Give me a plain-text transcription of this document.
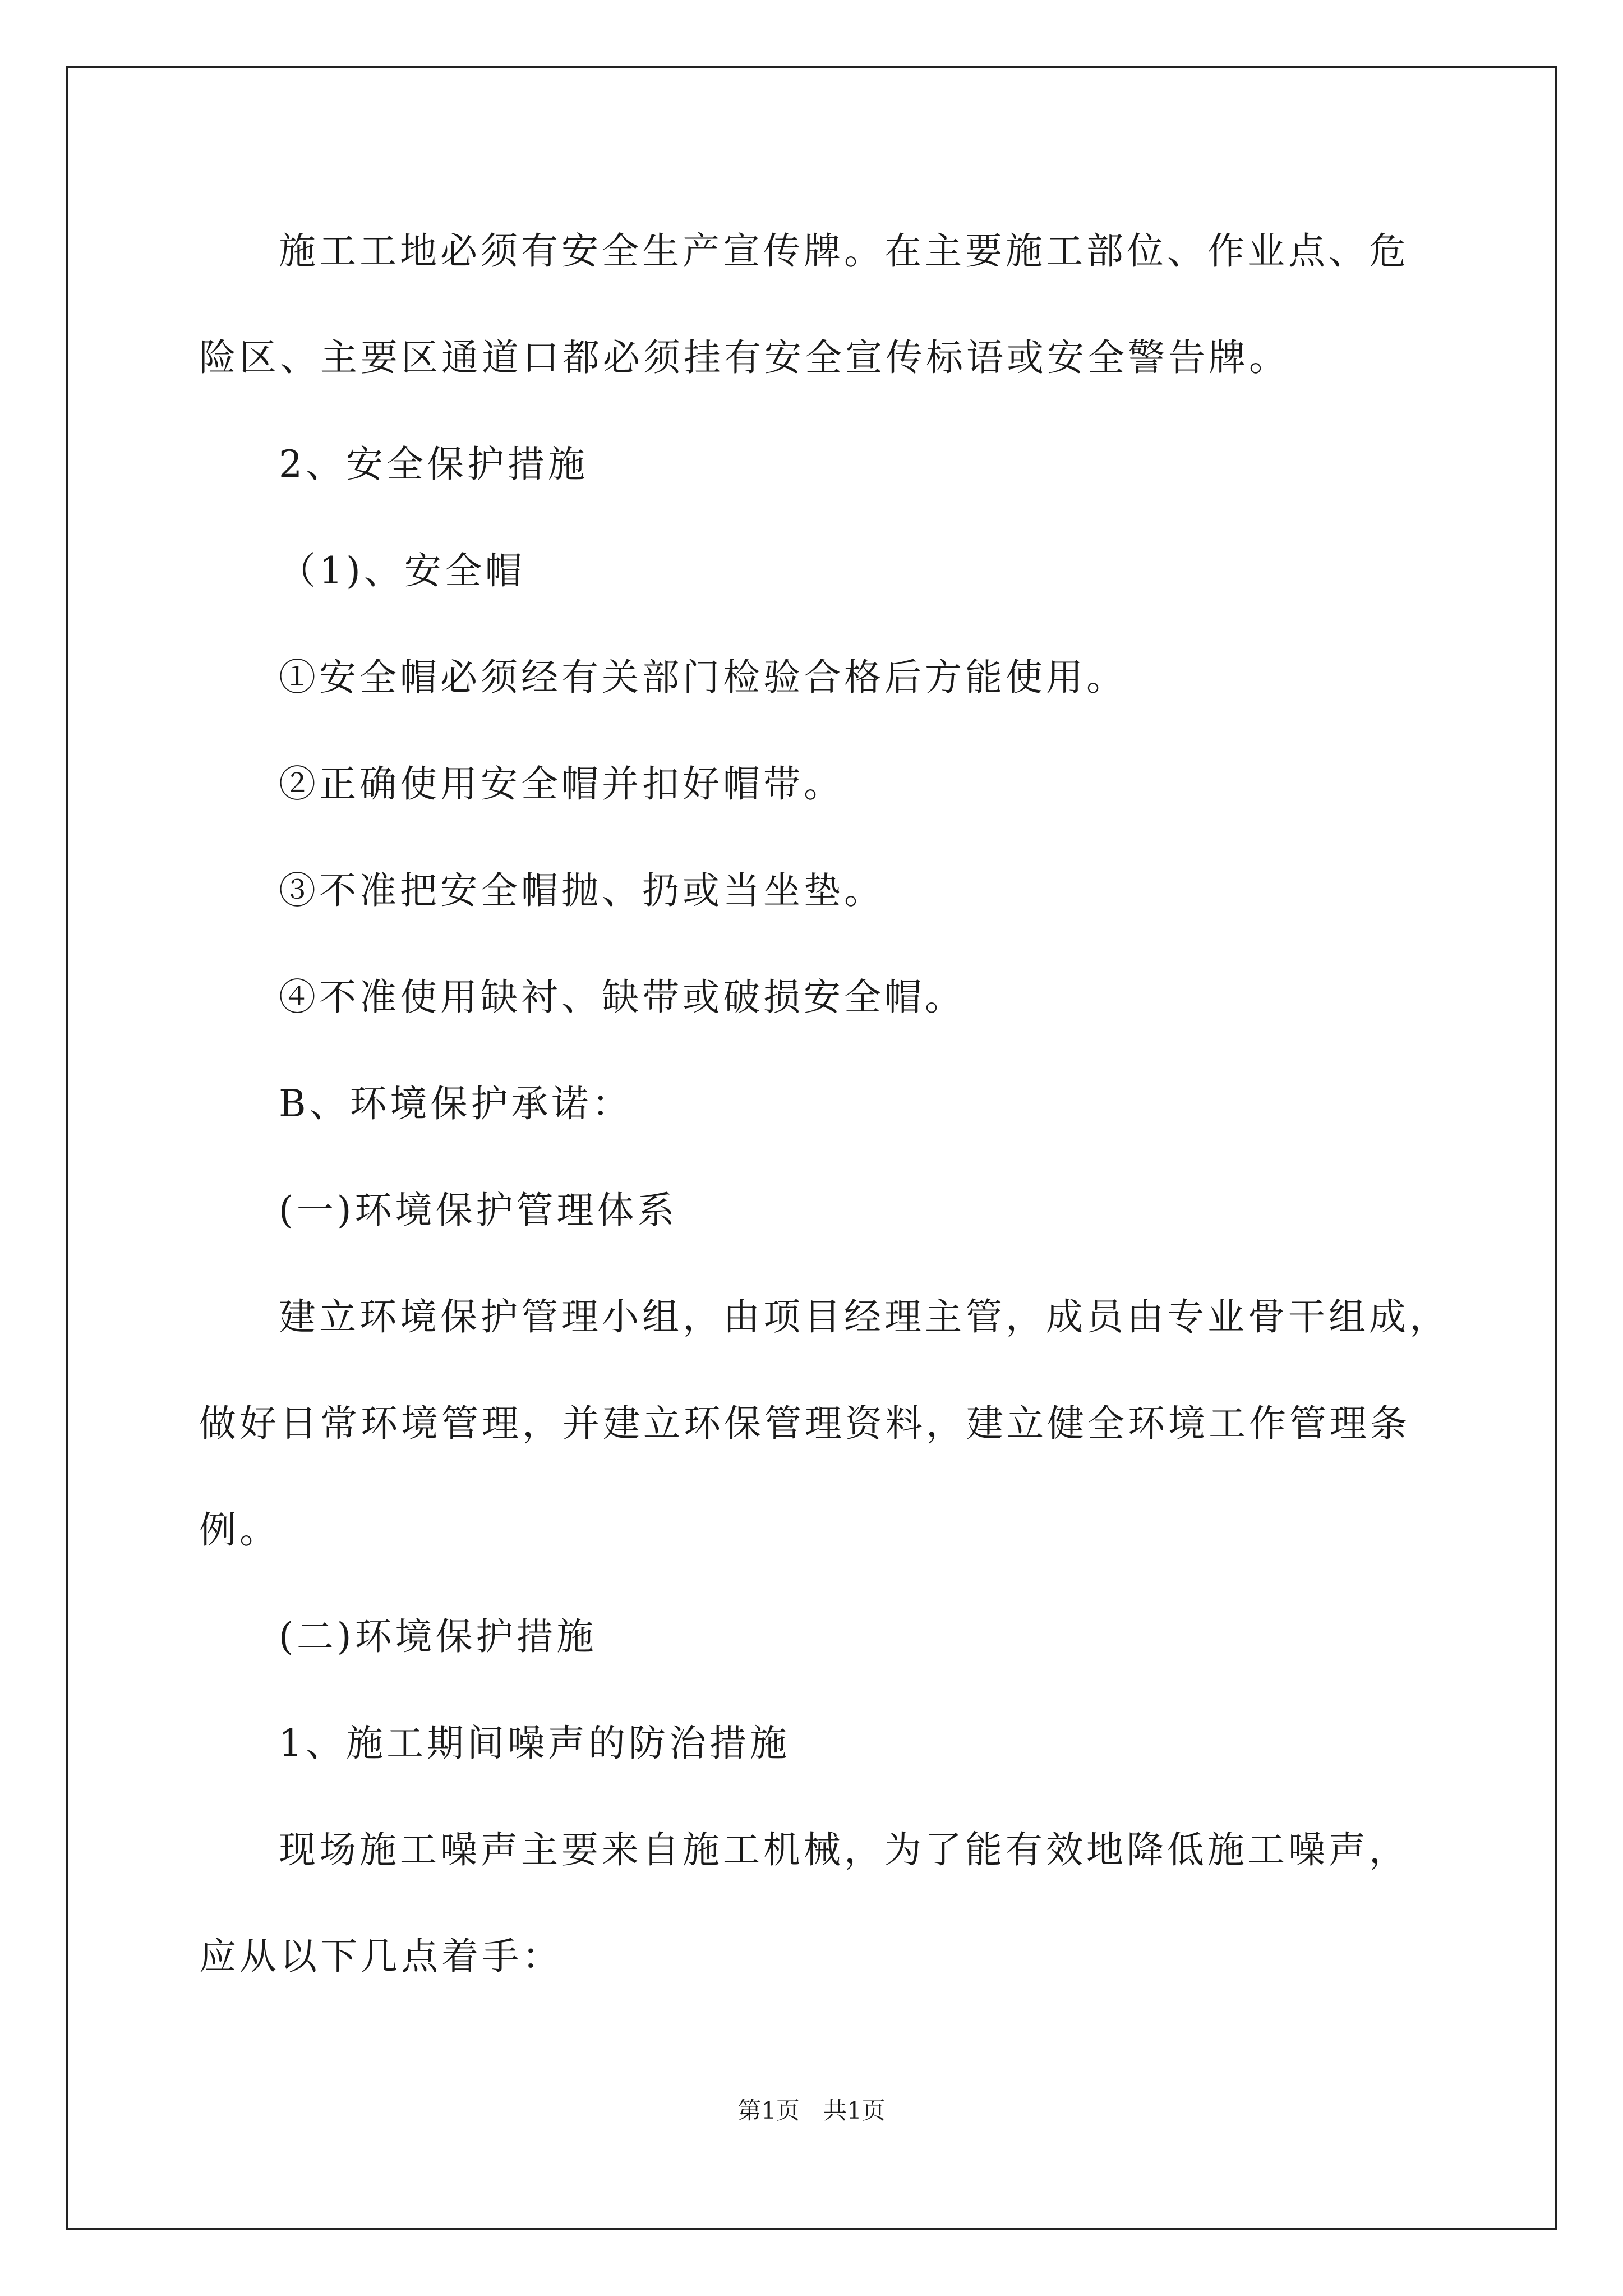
施工工地必须有安全生产宣传牌。在主要施工部位、作业点、危
险区、主要区通道口都必须挂有安全宣传标语或安全警告牌。
2、安全保护措施
（1)、安全帽
①安全帽必须经有关部门检验合格后方能使用。
②正确使用安全帽并扣好帽带。
③不准把安全帽抛、扔或当坐垫。
④不准使用缺衬、缺带或破损安全帽。
B、环境保护承诺：
(一)环境保护管理体系
建立环境保护管理小组，由项目经理主管，成员由专业骨干组成，
做好日常环境管理，并建立环保管理资料，建立健全环境工作管理条
例。
(二)环境保护措施
1、施工期间噪声的防治措施
现场施工噪声主要来自施工机械，为了能有效地降低施工噪声，
应从以下几点着手：
第1页　共1页
